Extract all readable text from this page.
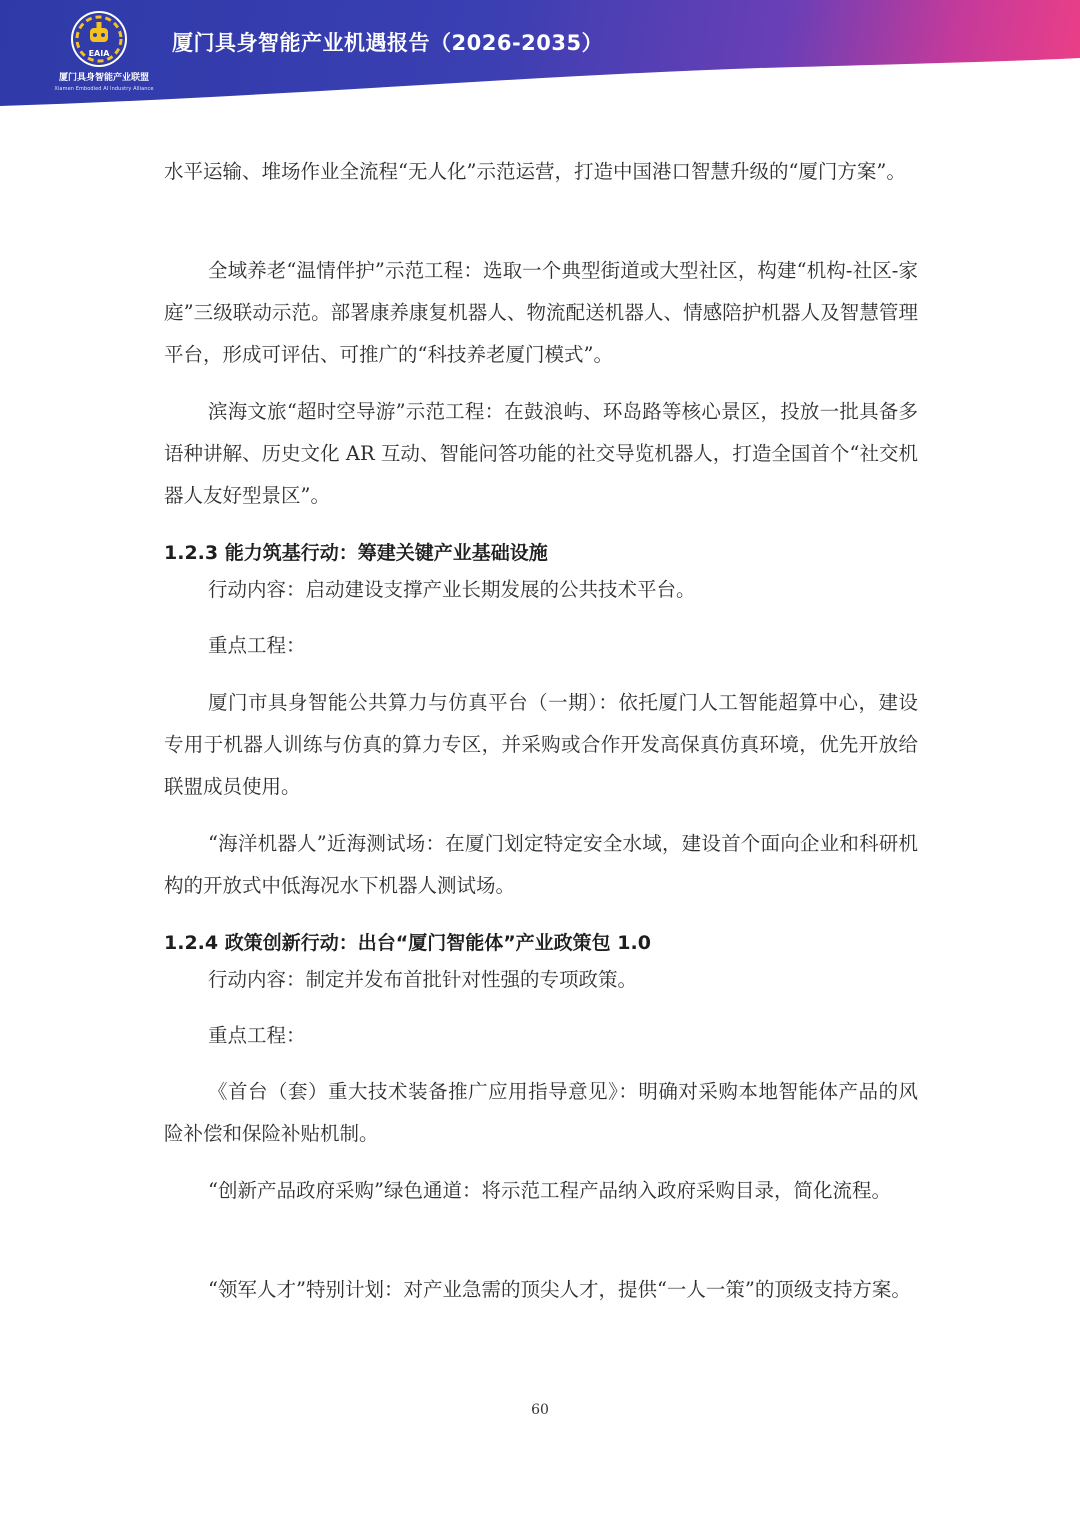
EAIA
厦门具身智能产业联盟
Xiamen Embodied AI Industry Alliance
厦门具身智能产业机遇报告（2026-2035）

水平运输、堆场作业全流程“无人化”示范运营，打造中国港口智慧升级的“厦门方案”。

全域养老“温情伴护”示范工程：选取一个典型街道或大型社区，构建“机构-社区-家庭”三级联动示范。部署康养康复机器人、物流配送机器人、情感陪护机器人及智慧管理平台，形成可评估、可推广的“科技养老厦门模式”。

滨海文旅“超时空导游”示范工程：在鼓浪屿、环岛路等核心景区，投放一批具备多语种讲解、历史文化 AR 互动、智能问答功能的社交导览机器人，打造全国首个“社交机器人友好型景区”。

1.2.3 能力筑基行动：筹建关键产业基础设施

行动内容：启动建设支撑产业长期发展的公共技术平台。

重点工程：

厦门市具身智能公共算力与仿真平台（一期）：依托厦门人工智能超算中心，建设专用于机器人训练与仿真的算力专区，并采购或合作开发高保真仿真环境，优先开放给联盟成员使用。

“海洋机器人”近海测试场：在厦门划定特定安全水域，建设首个面向企业和科研机构的开放式中低海况水下机器人测试场。

1.2.4 政策创新行动：出台“厦门智能体”产业政策包 1.0

行动内容：制定并发布首批针对性强的专项政策。

重点工程：

《首台（套）重大技术装备推广应用指导意见》：明确对采购本地智能体产品的风险补偿和保险补贴机制。

“创新产品政府采购”绿色通道：将示范工程产品纳入政府采购目录，简化流程。

“领军人才”特别计划：对产业急需的顶尖人才，提供“一人一策”的顶级支持方案。

60
